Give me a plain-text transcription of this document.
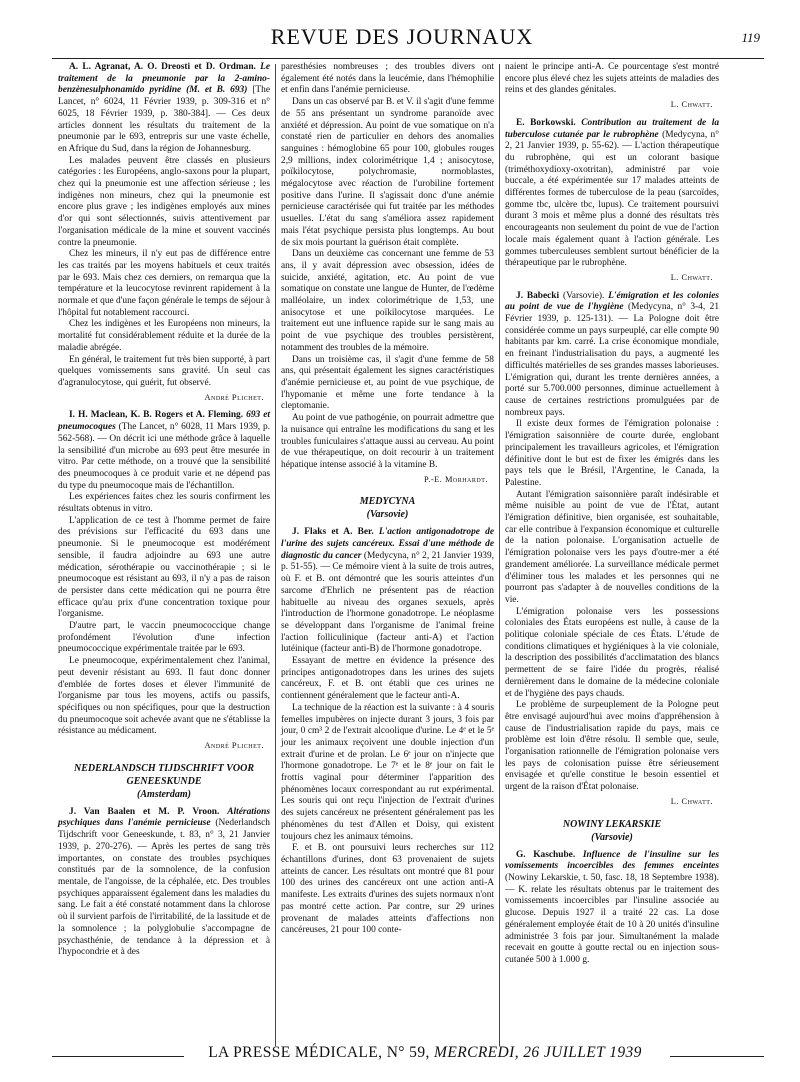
REVUE DES JOURNAUX	119

A. L. Agranat, A. O. Dreosti et D. Ordman. Le traitement de la pneumonie par la 2-amino-benzènesulphonamido pyridine (M. et B. 693) [The Lancet, n° 6024, 11 Février 1939, p. 309-316 et n° 6025, 18 Février 1939, p. 380-384]. — Ces deux articles donnent les résultats du traitement de la pneumonie par le 693, entrepris sur une vaste échelle, en Afrique du Sud, dans la région de Johannesburg.

Les malades peuvent être classés en plusieurs catégories : les Européens, anglo-saxons pour la plupart, chez qui la pneumonie est une affection sérieuse ; les indigènes non mineurs, chez qui la pneumonie est encore plus grave ; les indigènes employés aux mines d'or qui sont sélectionnés, suivis attentivement par l'organisation médicale de la mine et souvent vaccinés contre la pneumonie.

Chez les mineurs, il n'y eut pas de différence entre les cas traités par les moyens habituels et ceux traités par le 693. Mais chez ces derniers, on remarqua que la température et la leucocytose revinrent rapidement à la normale et que d'une façon générale le temps de séjour à l'hôpital fut notablement raccourci.

Chez les indigènes et les Européens non mineurs, la mortalité fut considérablement réduite et la durée de la maladie abrégée.

En général, le traitement fut très bien supporté, à part quelques vomissements sans gravité. Un seul cas d'agranulocytose, qui guérit, fut observé.

André Plichet.

I. H. Maclean, K. B. Rogers et A. Fleming. 693 et pneumocoques (The Lancet, n° 6028, 11 Mars 1939, p. 562-568). — On décrit ici une méthode grâce à laquelle la sensibilité d'un microbe au 693 peut être mesurée in vitro. Par cette méthode, on a trouvé que la sensibilité des pneumocoques à ce produit varie et ne dépend pas du type du pneumocoque mais de l'échantillon.

Les expériences faites chez les souris confirment les résultats obtenus in vitro.

L'application de ce test à l'homme permet de faire des prévisions sur l'efficacité du 693 dans une pneumonie. Si le pneumocoque est modérément sensible, il faudra adjoindre au 693 une autre médication, sérothérapie ou vaccinothérapie ; si le pneumocoque est résistant au 693, il n'y a pas de raison de persister dans cette médication qui ne pourra être efficace qu'au prix d'une concentration toxique pour l'organisme.

D'autre part, le vaccin pneumococcique change profondément l'évolution d'une infection pneumococcique expérimentale traitée par le 693.

Le pneumocoque, expérimentalement chez l'animal, peut devenir résistant au 693. Il faut donc donner d'emblée de fortes doses et élever l'immunité de l'organisme par tous les moyens, actifs ou passifs, spécifiques ou non spécifiques, pour que la destruction du pneumocoque soit achevée avant que ne s'établisse la résistance au médicament.

André Plichet.
NEDERLANDSCH TIJDSCHRIFT VOOR GENEESKUNDE
(Amsterdam)

J. Van Baalen et M. P. Vroon. Altérations psychiques dans l'anémie pernicieuse (Nederlandsch Tijdschrift voor Geneeskunde, t. 83, n° 3, 21 Janvier 1939, p. 270-276). — Après les pertes de sang très importantes, on constate des troubles psychiques constitués par de la somnolence, de la confusion mentale, de l'angoisse, de la céphalée, etc. Des troubles psychiques apparaissent également dans les maladies du sang. Le fait a été constaté notamment dans la chlorose où il survient parfois de l'irritabilité, de la lassitude et de la somnolence ; la polyglobulie s'accompagne de psychasthénie, de tendance à la dépression et à l'hypocondrie et à des

paresthésies nombreuses ; des troubles divers ont également été notés dans la leucémie, dans l'hémophilie et enfin dans l'anémie pernicieuse.

Dans un cas observé par B. et V. il s'agit d'une femme de 55 ans présentant un syndrome paranoïde avec anxiété et dépression. Au point de vue somatique on n'a constaté rien de particulier en dehors des anomalies sanguines : hémoglobine 65 pour 100, globules rouges 2,9 millions, index colorimétrique 1,4 ; anisocytose, poïkilocytose, polychromasie, normoblastes, mégalocytose avec réaction de l'urobiline fortement positive dans l'urine. Il s'agissait donc d'une anémie pernicieuse caractérisée qui fut traitée par les méthodes usuelles. L'état du sang s'améliora assez rapidement mais l'état psychique persista plus longtemps. Au bout de six mois pourtant la guérison était complète.

Dans un deuxième cas concernant une femme de 53 ans, il y avait dépression avec obsession, idées de suicide, anxiété, agitation, etc. Au point de vue somatique on constate une langue de Hunter, de l'œdème malléolaire, un index colorimétrique de 1,53, une anisocytose et une poïkilocytose marquées. Le traitement eut une influence rapide sur le sang mais au point de vue psychique des troubles persistèrent, notamment des troubles de la mémoire.

Dans un troisième cas, il s'agit d'une femme de 58 ans, qui présentait également les signes caractéristiques d'anémie pernicieuse et, au point de vue psychique, de l'hypomanie et même une forte tendance à la cleptomanie.

Au point de vue pathogénie, on pourrait admettre que la nuisance qui entraîne les modifications du sang et les troubles funiculaires s'attaque aussi au cerveau. Au point de vue thérapeutique, on doit recourir à un traitement hépatique intense associé à la vitamine B.

P.-E. Morhardt.
MEDYCYNA
(Varsovie)

J. Flaks et A. Ber. L'action antigonadotrope de l'urine des sujets cancéreux. Essai d'une méthode de diagnostic du cancer (Medycyna, n° 2, 21 Janvier 1939, p. 51-55). — Ce mémoire vient à la suite de trois autres, où F. et B. ont démontré que les souris atteintes d'un sarcome d'Ehrlich ne présentent pas de réaction habituelle au niveau des organes sexuels, après l'introduction de l'hormone gonadotrope. Le néoplasme se développant dans l'organisme de l'animal freine l'action folliculinique (facteur anti-A) et l'action lutéinique (facteur anti-B) de l'hormone gonadotrope.

Essayant de mettre en évidence la présence des principes antigonadotropes dans les urines des sujets cancéreux, F. et B. ont établi que ces urines ne contiennent généralement que le facteur anti-A.

La technique de la réaction est la suivante : à 4 souris femelles impubères on injecte durant 3 jours, 3 fois par jour, 0 cm³ 2 de l'extrait alcoolique d'urine. Le 4ᵉ et le 5ᵉ jour les animaux reçoivent une double injection d'un extrait d'urine et de prolan. Le 6ᵉ jour on n'injecte que l'hormone gonadotrope. Le 7ᵉ et le 8ᵉ jour on fait le frottis vaginal pour déterminer l'apparition des phénomènes locaux correspondant au rut expérimental. Les souris qui ont reçu l'injection de l'extrait d'urines des sujets cancéreux ne présentent généralement pas les phénomènes du test d'Allen et Doisy, qui existent toujours chez les animaux témoins.

F. et B. ont poursuivi leurs recherches sur 112 échantillons d'urines, dont 63 provenaient de sujets atteints de cancer. Les résultats ont montré que 81 pour 100 des urines des cancéreux ont une action anti-A manifeste. Les extraits d'urines des sujets normaux n'ont pas montré cette action. Par contre, sur 29 urines provenant de malades atteints d'affections non cancéreuses, 21 pour 100 conte-

naient le principe anti-A. Ce pourcentage s'est montré encore plus élevé chez les sujets atteints de maladies des reins et des glandes génitales.

L. Chwatt.

E. Borkowski. Contribution au traitement de la tuberculose cutanée par le rubrophène (Medycyna, n° 2, 21 Janvier 1939, p. 55-62). — L'action thérapeutique du rubrophène, qui est un colorant basique (triméthoxydioxy-oxotritan), administré par voie buccale, a été expérimentée sur 17 malades atteints de différentes formes de tuberculose de la peau (sarcoïdes, gomme tbc, ulcère tbc, lupus). Ce traitement poursuivi durant 3 mois et même plus a donné des résultats très encourageants non seulement du point de vue de l'action locale mais également quant à l'action générale. Les gommes tuberculeuses semblent surtout bénéficier de la thérapeutique par le rubrophène.

L. Chwatt.

J. Babecki (Varsovie). L'émigration et les colonies au point de vue de l'hygiène (Medycyna, n° 3-4, 21 Février 1939, p. 125-131). — La Pologne doit être considérée comme un pays surpeuplé, car elle compte 90 habitants par km. carré. La crise économique mondiale, en freinant l'industrialisation du pays, a augmenté les difficultés matérielles de ses grandes masses laborieuses. L'émigration qui, durant les trente dernières années, a porté sur 5.700.000 personnes, diminue actuellement à cause de certaines restrictions promulguées par de nombreux pays.

Il existe deux formes de l'émigration polonaise : l'émigration saisonnière de courte durée, englobant principalement les travailleurs agricoles, et l'émigration définitive dont le but est de fixer les émigrés dans les pays tels que le Brésil, l'Argentine, le Canada, la Palestine.

Autant l'émigration saisonnière paraît indésirable et même nuisible au point de vue de l'État, autant l'émigration définitive, bien organisée, est souhaitable, car elle contribue à l'expansion économique et culturelle de la nation polonaise. L'organisation actuelle de l'émigration polonaise vers les pays d'outre-mer a été grandement améliorée. La surveillance médicale permet d'éliminer tous les malades et les personnes qui ne pourront pas s'adapter à de nouvelles conditions de la vie.

L'émigration polonaise vers les possessions coloniales des États européens est nulle, à cause de la politique coloniale spéciale de ces États. L'étude de conditions climatiques et hygiéniques à la vie coloniale, la description des possibilités d'acclimatation des blancs permettent de se faire l'idée du progrès, réalisé dernièrement dans le domaine de la médecine coloniale et de l'hygiène des pays chauds.

Le problème de surpeuplement de la Pologne peut être envisagé aujourd'hui avec moins d'appréhension à cause de l'industrialisation rapide du pays, mais ce problème est loin d'être résolu. Il semble que, seule, l'organisation rationnelle de l'émigration polonaise vers les pays de colonisation puisse être sérieusement envisagée et qu'elle constitue le besoin essentiel et urgent de la raison d'État polonaise.

L. Chwatt.
NOWINY LEKARSKIE
(Varsovie)

G. Kaschube. Influence de l'insuline sur les vomissements incoercibles des femmes enceintes (Nowiny Lekarskie, t. 50, fasc. 18, 18 Septembre 1938). — K. relate les résultats obtenus par le traitement des vomissements incoercibles par l'insuline associée au glucose. Depuis 1927 il a traité 22 cas. La dose généralement employée était de 10 à 20 unités d'insuline administrée 3 fois par jour. Simultanément la malade recevait en goutte à goutte rectal ou en injection sous-cutanée 500 à 1.000 g.

LA PRESSE MÉDICALE, N° 59, MERCREDI, 26 JUILLET 1939
